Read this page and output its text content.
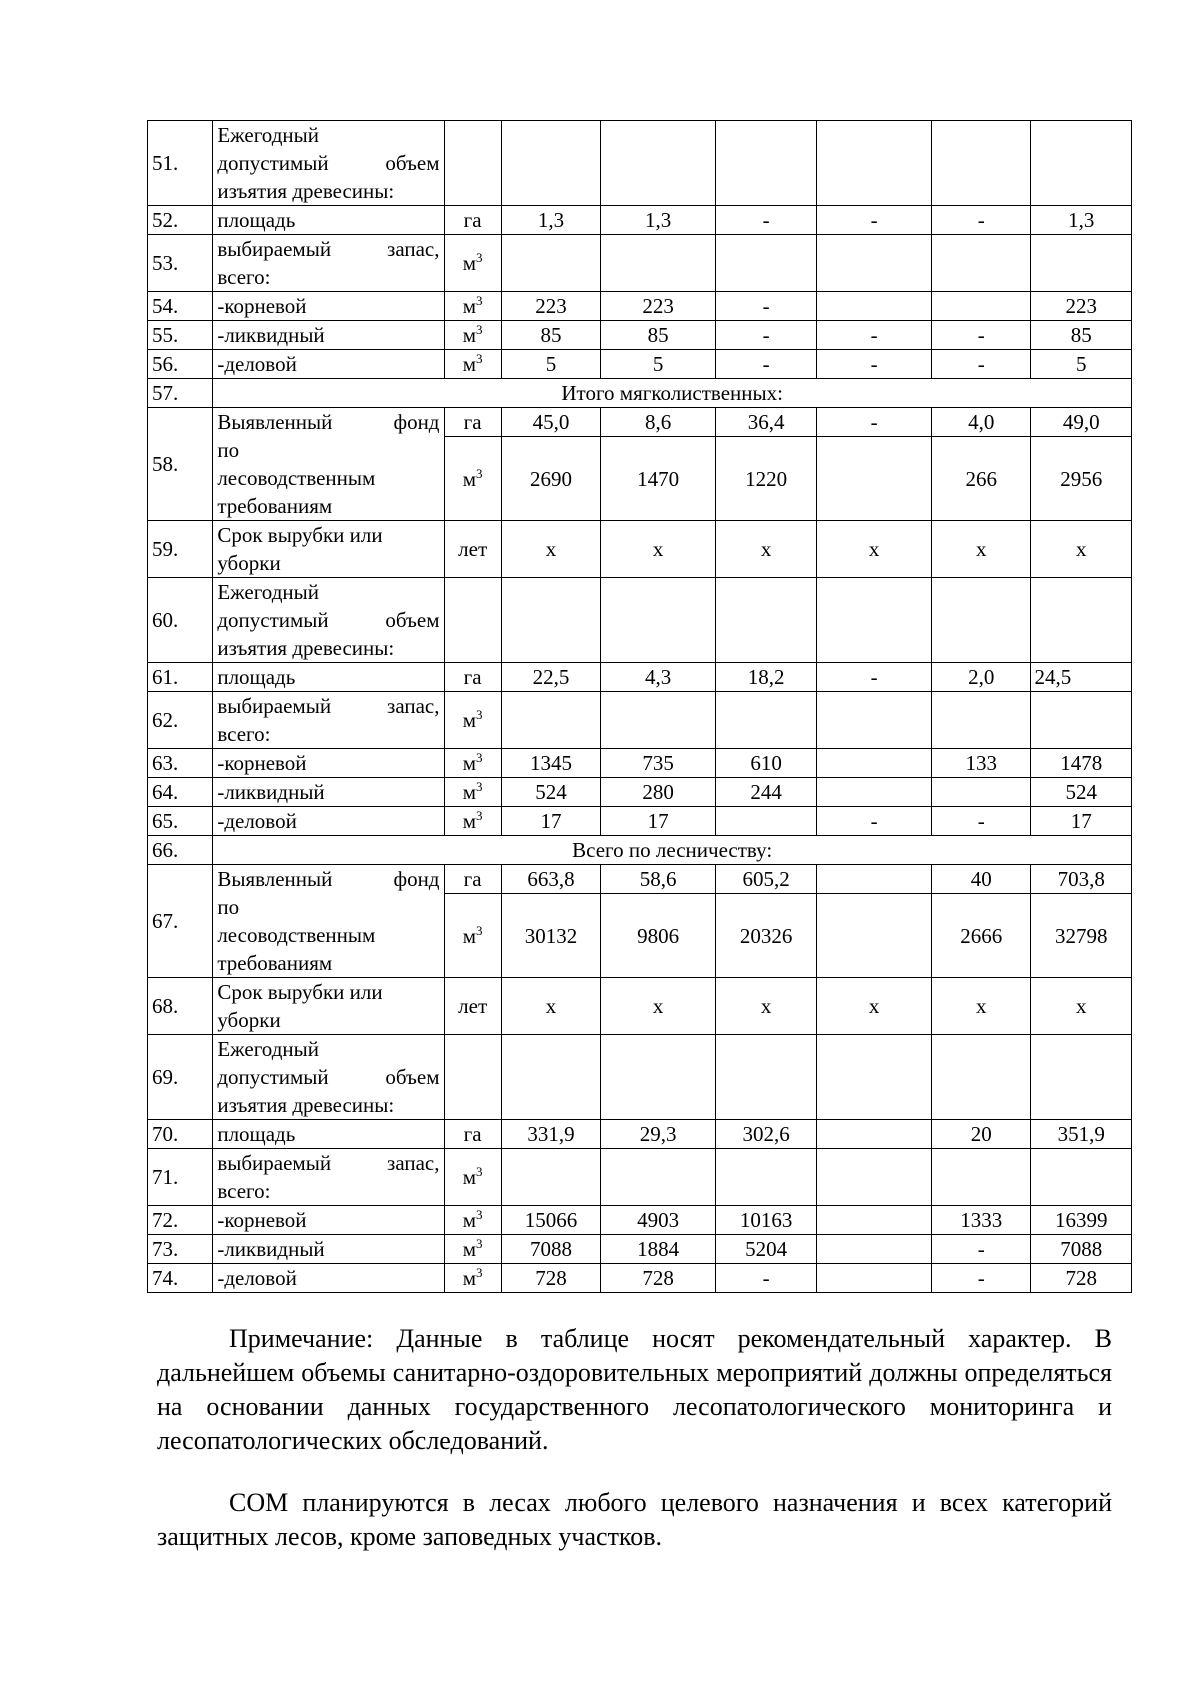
51.	Ежегодный
допустимый объем
изъятия древесины:							

52.	площадь	га	1,3	1,3	-	-	-	1,3
53.	выбираемый запас,
всего:	$м^3$						
54.	-корневой	$м^3$	223	223	-			223
55.	-ликвидный	$м^3$	85	85	-	-	-	85
56.	-деловой	$м^3$	5	5	-	-	-	5
57.	Итого мягколиственных:							
58.	Выявленный фонд
по
лесоводственным
требованиям	га	45,0	8,6	36,4	-	4,0	49,0
		$м^3$	2690	1470	1220		266	2956
59.	Срок вырубки или
уборки	лет	х	х	х	х	х	х
60.	Ежегодный
допустимый объем
изъятия древесины:							

61.	площадь	га	22,5	4,3	18,2	-	2,0	24,5
62.	выбираемый запас,
всего:	$м^3$						
63.	-корневой	$м^3$	1345	735	610		133	1478
64.	-ликвидный	$м^3$	524	280	244			524
65.	-деловой	$м^3$	17	17		-	-	17
66.	Всего по лесничеству:							
67.	Выявленный фонд
по
лесоводственным
требованиям	га	663,8	58,6	605,2		40	703,8
		$м^3$	30132	9806	20326		2666	32798
68.	Срок вырубки или
уборки	лет	х	х	х	х	х	х
69.	Ежегодный
допустимый объем
изъятия древесины:							

70.	площадь	га	331,9	29,3	302,6		20	351,9
71.	выбираемый запас,
всего:	$м^3$						
72.	-корневой	$м^3$	15066	4903	10163		1333	16399
73.	-ликвидный	$м^3$	7088	1884	5204		-	7088
74.	-деловой	$м^3$	728	728	-		-	728

Примечание: Данные в таблице носят рекомендательный характер. В дальнейшем объемы санитарно-оздоровительных мероприятий должны определяться на основании данных государственного лесопатологического мониторинга и лесопатологических обследований.

СОМ планируются в лесах любого целевого назначения и всех категорий защитных лесов, кроме заповедных участков.
